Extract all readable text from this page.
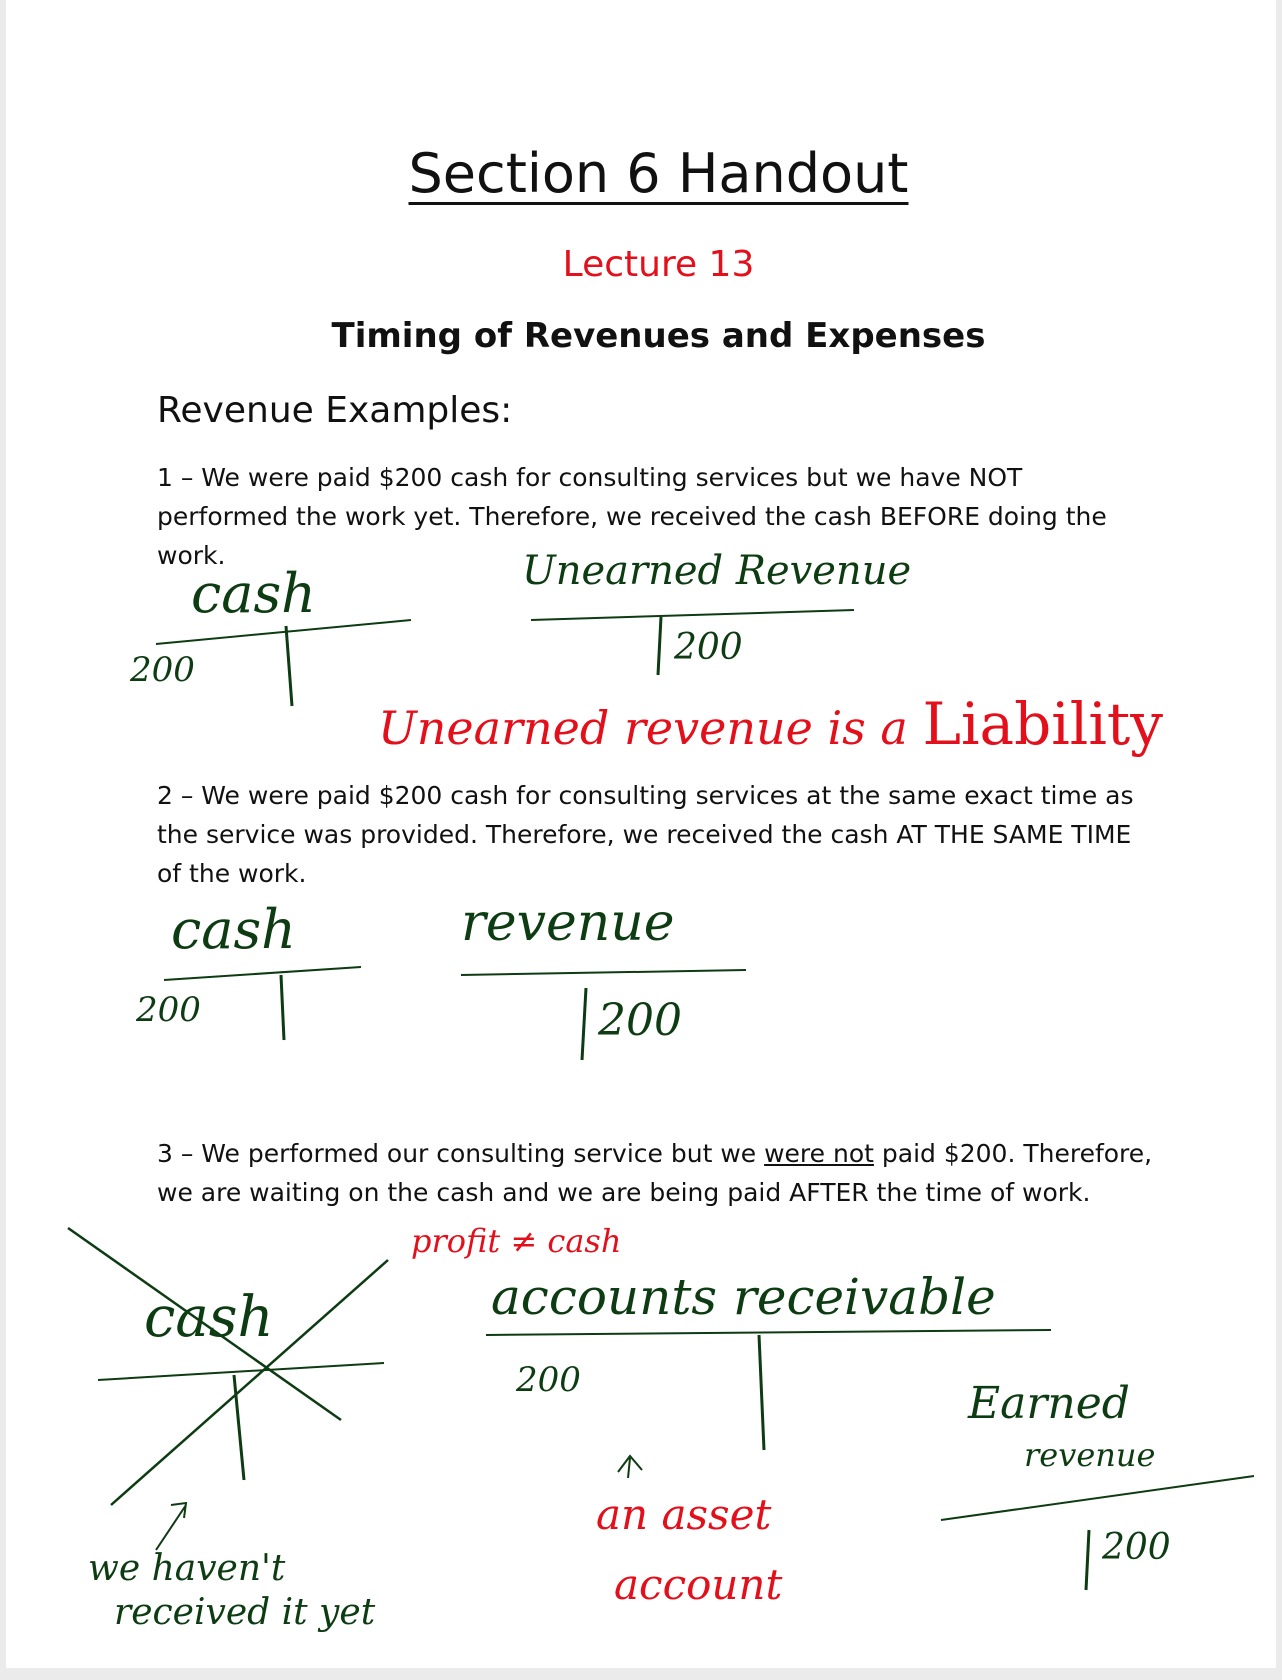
Section 6 Handout
Lecture 13
Timing of Revenues and Expenses
Revenue Examples:
1 – We were paid $200 cash for consulting services but we have NOT performed the work yet. Therefore, we received the cash BEFORE doing the work.
2 – We were paid $200 cash for consulting services at the same exact time as the service was provided. Therefore, we received the cash AT THE SAME TIME of the work.
3 – We performed our consulting service but we were not paid $200. Therefore, we are waiting on the cash and we are being paid AFTER the time of work.
cash
200
Unearned Revenue
200
Unearned revenue is a Liability
cash
200
revenue
200
profit ≠ cash
cash	accounts receivable
200
an asset
account
we haven't
received it yet
Earned
revenue
200
